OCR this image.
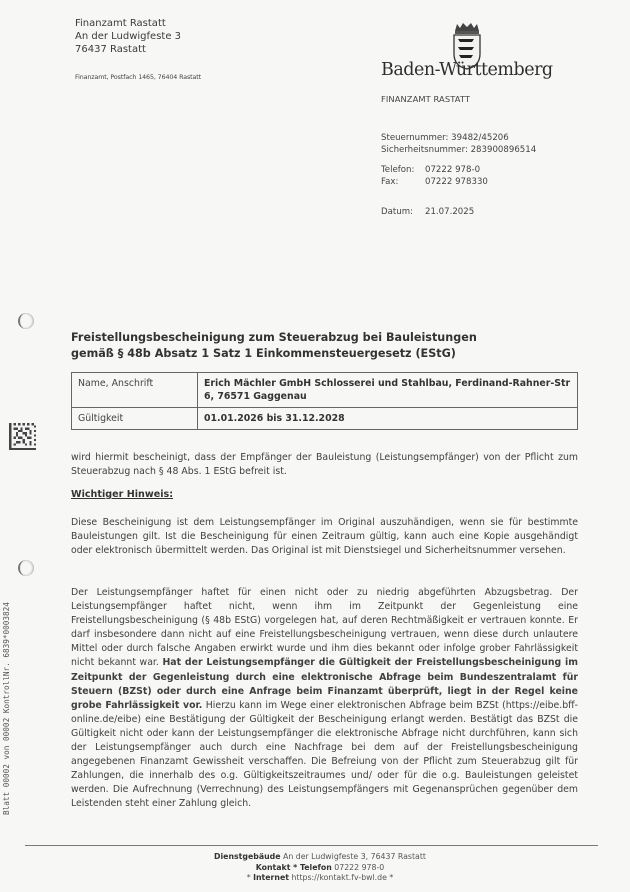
Finanzamt Rastatt
An der Ludwigfeste 3
76437 Rastatt
Finanzamt, Postfach 1465, 76404 Rastatt	Baden-Württemberg
FINANZAMT RASTATT
Steuernummer: 39482/45206
Sicherheitsnummer: 283900896514
Telefon: 07222 978-0
Fax:	07222 978330
Datum: 21.07.2025
Blatt 00002 von 00002 KontrollNr. 6839*0003824
Freistellungsbescheinigung zum Steuerabzug bei Bauleistungen
gemäß § 48b Absatz 1 Satz 1 Einkommensteuergesetz (EStG)
Name, Anschrift	Erich Mächler GmbH Schlosserei und Stahlbau, Ferdinand-Rahner-Str 6, 76571 Gaggenau
Gültigkeit	01.01.2026 bis 31.12.2028
wird hiermit bescheinigt, dass der Empfänger der Bauleistung (Leistungsempfänger) von der Pflicht zum Steuerabzug nach § 48 Abs. 1 EStG befreit ist.
Wichtiger Hinweis:
Diese Bescheinigung ist dem Leistungsempfänger im Original auszuhändigen, wenn sie für bestimmte Bauleistungen gilt. Ist die Bescheinigung für einen Zeitraum gültig, kann auch eine Kopie ausgehändigt oder elektronisch übermittelt werden. Das Original ist mit Dienstsiegel und Sicherheitsnummer versehen.
Der Leistungsempfänger haftet für einen nicht oder zu niedrig abgeführten Abzugsbetrag. Der Leistungsempfänger haftet nicht, wenn ihm im Zeitpunkt der Gegenleistung eine Freistellungsbescheinigung (§ 48b EStG) vorgelegen hat, auf deren Rechtmäßigkeit er vertrauen konnte. Er darf insbesondere dann nicht auf eine Freistellungsbescheinigung vertrauen, wenn diese durch unlautere Mittel oder durch falsche Angaben erwirkt wurde und ihm dies bekannt oder infolge grober Fahrlässigkeit nicht bekannt war. Hat der Leistungsempfänger die Gültigkeit der Freistellungsbescheinigung im Zeitpunkt der Gegenleistung durch eine elektronische Abfrage beim Bundeszentralamt für Steuern (BZSt) oder durch eine Anfrage beim Finanzamt überprüft, liegt in der Regel keine grobe Fahrlässigkeit vor. Hierzu kann im Wege einer elektronischen Abfrage beim BZSt (https://eibe.bff-online.de/eibe) eine Bestätigung der Gültigkeit der Bescheinigung erlangt werden. Bestätigt das BZSt die Gültigkeit nicht oder kann der Leistungsempfänger die elektronische Abfrage nicht durchführen, kann sich der Leistungsempfänger auch durch eine Nachfrage bei dem auf der Freistellungsbescheinigung angegebenen Finanzamt Gewissheit verschaffen. Die Befreiung von der Pflicht zum Steuerabzug gilt für Zahlungen, die innerhalb des o.g. Gültigkeitszeitraumes und/ oder für die o.g. Bauleistungen geleistet werden. Die Aufrechnung (Verrechnung) des Leistungsempfängers mit Gegenansprüchen gegenüber dem Leistenden steht einer Zahlung gleich.
Dienstgebäude An der Ludwigfeste 3, 76437 Rastatt
Kontakt * Telefon 07222 978-0
* Internet https://kontakt.fv-bwl.de *
